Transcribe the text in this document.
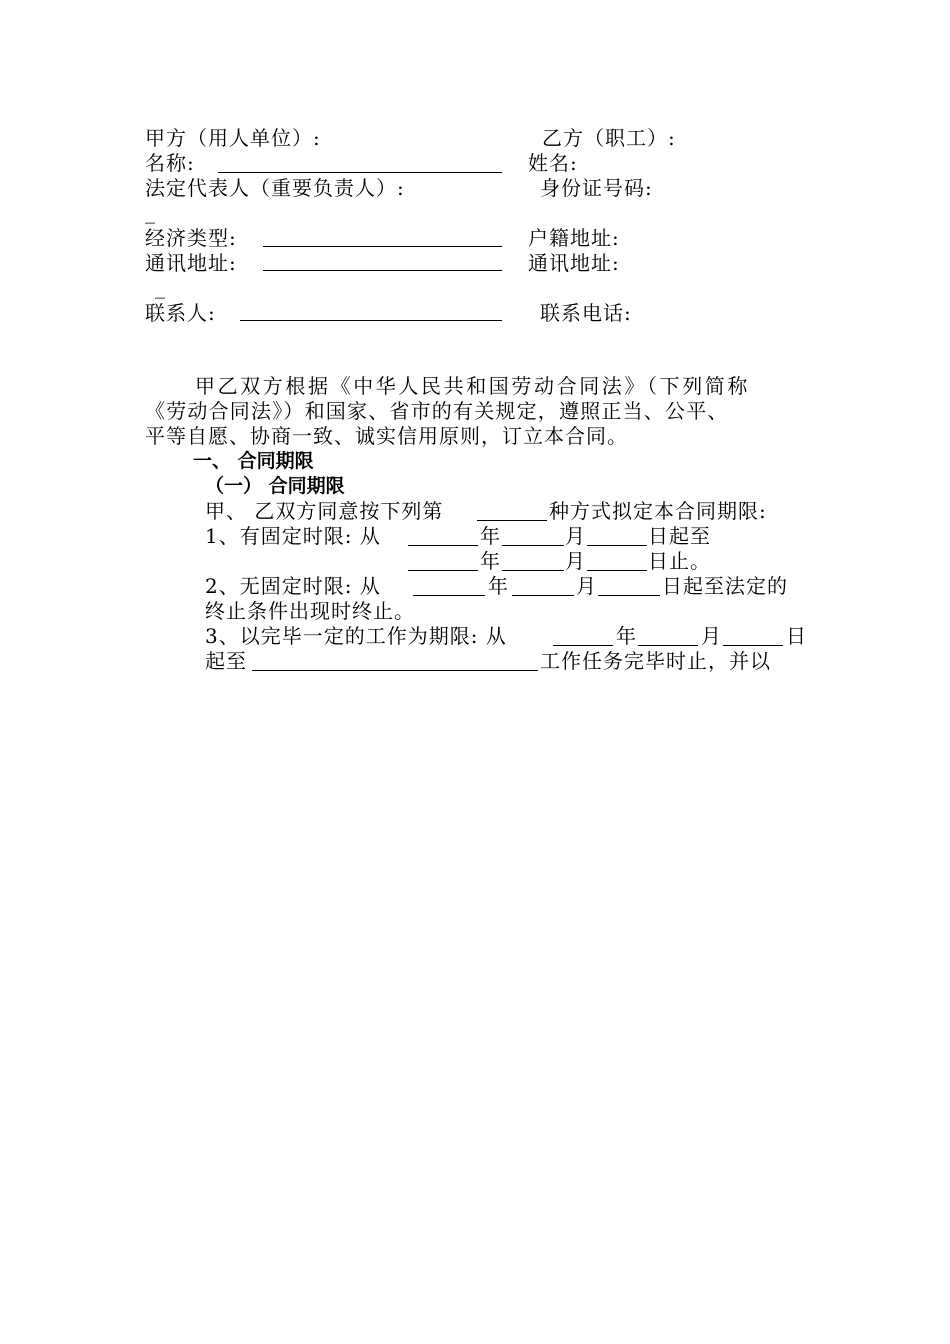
甲方（用人单位）:	乙方（职工）:
名称:	姓名:
法定代表人（重要负责人）:	身份证号码:
_
经济类型:	户籍地址:
通讯地址:	通讯地址:
_
联系人:	联系电话:
甲乙双方根据《中华人民共和国劳动合同法》（下列简称
《劳动合同法》）和国家、省市的有关规定，遵照正当、公平、
平等自愿、协商一致、诚实信用原则，订立本合同。
一、 合同期限
（一） 合同期限
甲、 乙双方同意按下列第	种方式拟定本合同期限:
1、有固定时限: 从	年	月	日起至
年	月	日止。
2、无固定时限: 从	年	月	日起至法定的
终止条件出现时终止。
3、以完毕一定的工作为期限: 从	年	月	日
起至	工作任务完毕时止，并以
